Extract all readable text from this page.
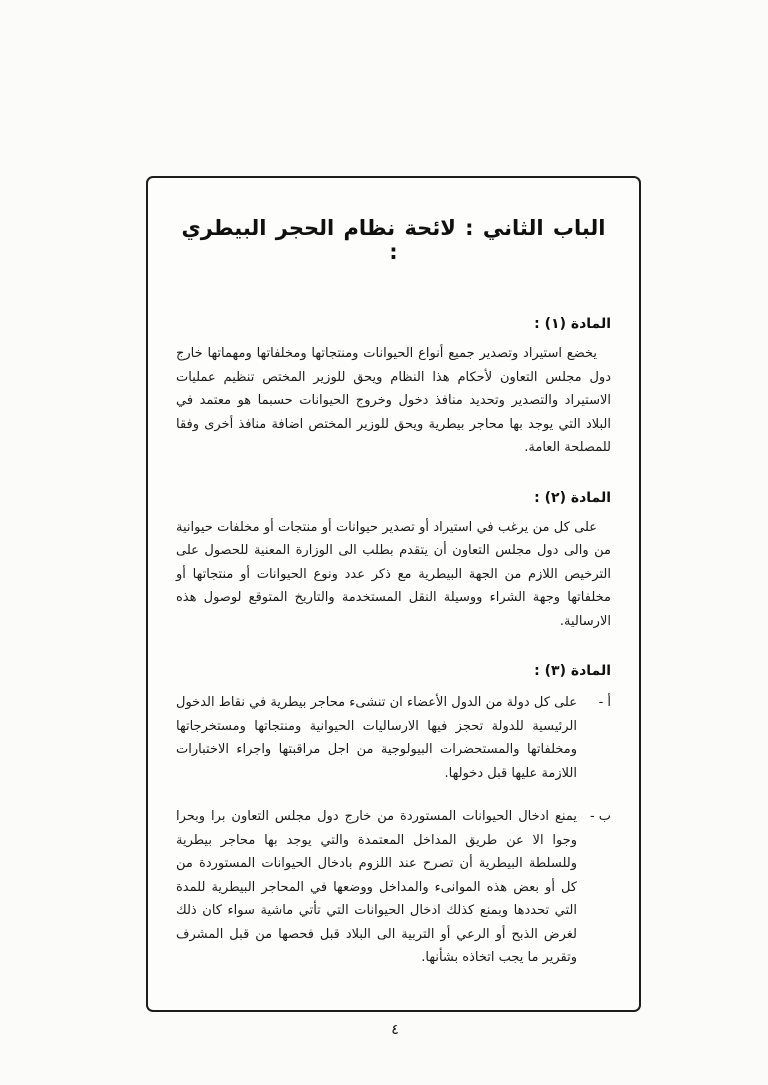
الباب الثاني : لائحة نظام الحجر البيطري :
المادة (١) :

يخضع استيراد وتصدير جميع أنواع الحيوانات ومنتجاتها ومخلفاتها ومهماتها خارج دول مجلس التعاون لأحكام هذا النظام ويحق للوزير المختص تنظيم عمليات الاستيراد والتصدير وتحديد منافذ دخول وخروج الحيوانات حسبما هو معتمد في البلاد التي يوجد بها محاجر بيطرية ويحق للوزير المختص اضافة منافذ أخرى وفقا للمصلحة العامة.

المادة (٢) :

على كل من يرغب في استيراد أو تصدير حيوانات أو منتجات أو مخلفات حيوانية من والى دول مجلس التعاون أن يتقدم بطلب الى الوزارة المعنية للحصول على الترخيص اللازم من الجهة البيطرية مع ذكر عدد ونوع الحيوانات أو منتجاتها أو مخلفاتها وجهة الشراء ووسيلة النقل المستخدمة والتاريخ المتوقع لوصول هذه الارسالية.

المادة (٣) :
أ -

على كل دولة من الدول الأعضاء ان تنشىء محاجر بيطرية في نقاط الدخول الرئيسية للدولة تحجز فيها الارساليات الحيوانية ومنتجاتها ومستخرجاتها ومخلفاتها والمستحضرات البيولوجية من اجل مراقبتها واجراء الاختبارات اللازمة عليها قبل دخولها.

ب -

يمنع ادخال الحيوانات المستوردة من خارج دول مجلس التعاون برا وبحرا وجوا الا عن طريق المداخل المعتمدة والتي يوجد بها محاجر بيطرية وللسلطة البيطرية أن تصرح عند اللزوم بادخال الحيوانات المستوردة من كل أو بعض هذه الموانىء والمداخل ووضعها في المحاجر البيطرية للمدة التي تحددها وبمنع كذلك ادخال الحيوانات التي تأتي ماشية سواء كان ذلك لغرض الذبح أو الرعي أو التربية الى البلاد قبل فحصها من قبل المشرف وتقرير ما يجب اتخاذه بشأنها.

٤
